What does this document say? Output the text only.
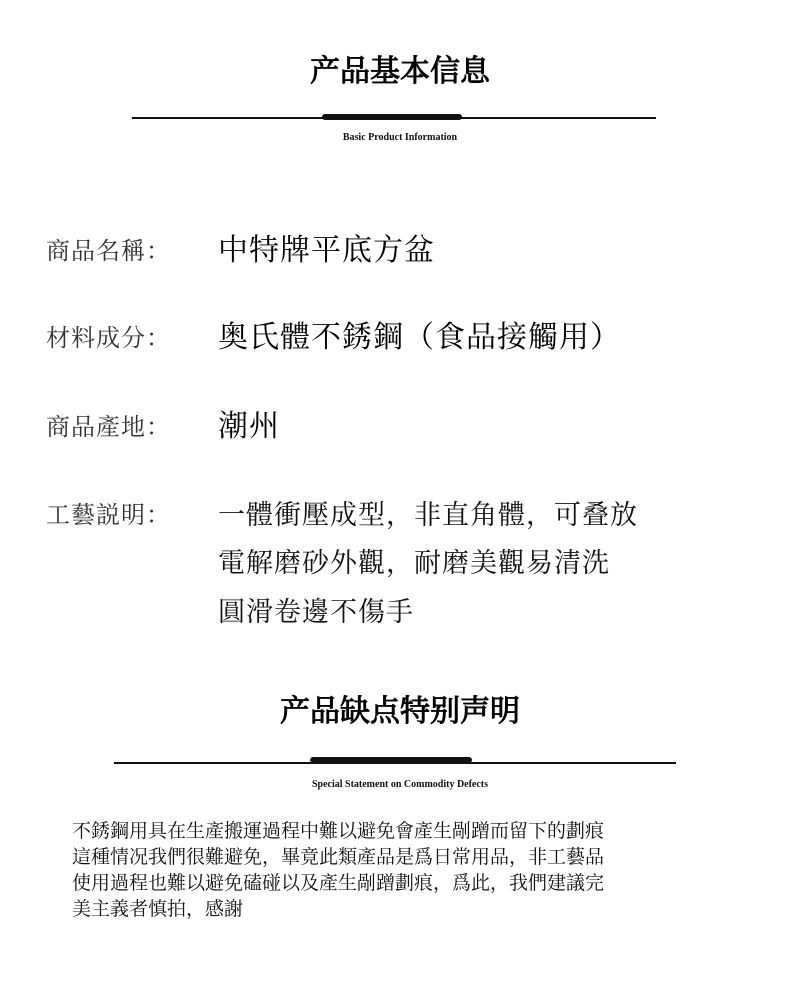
产品基本信息
Basic Product Information
商品名稱： 中特牌平底方盆
材料成分： 奥氏體不銹鋼（食品接觸用）
商品產地： 潮州
工藝説明： 一體衝壓成型，非直角體，可叠放
電解磨砂外觀，耐磨美觀易清洗
圓滑卷邊不傷手
产品缺点特别声明
Special Statement on Commodity Defects
不銹鋼用具在生產搬運過程中難以避免會產生剮蹭而留下的劃痕
這種情况我們很難避免，畢竟此類產品是爲日常用品，非工藝品
使用過程也難以避免磕碰以及產生剮蹭劃痕，爲此，我們建議完
美主義者慎拍，感謝
